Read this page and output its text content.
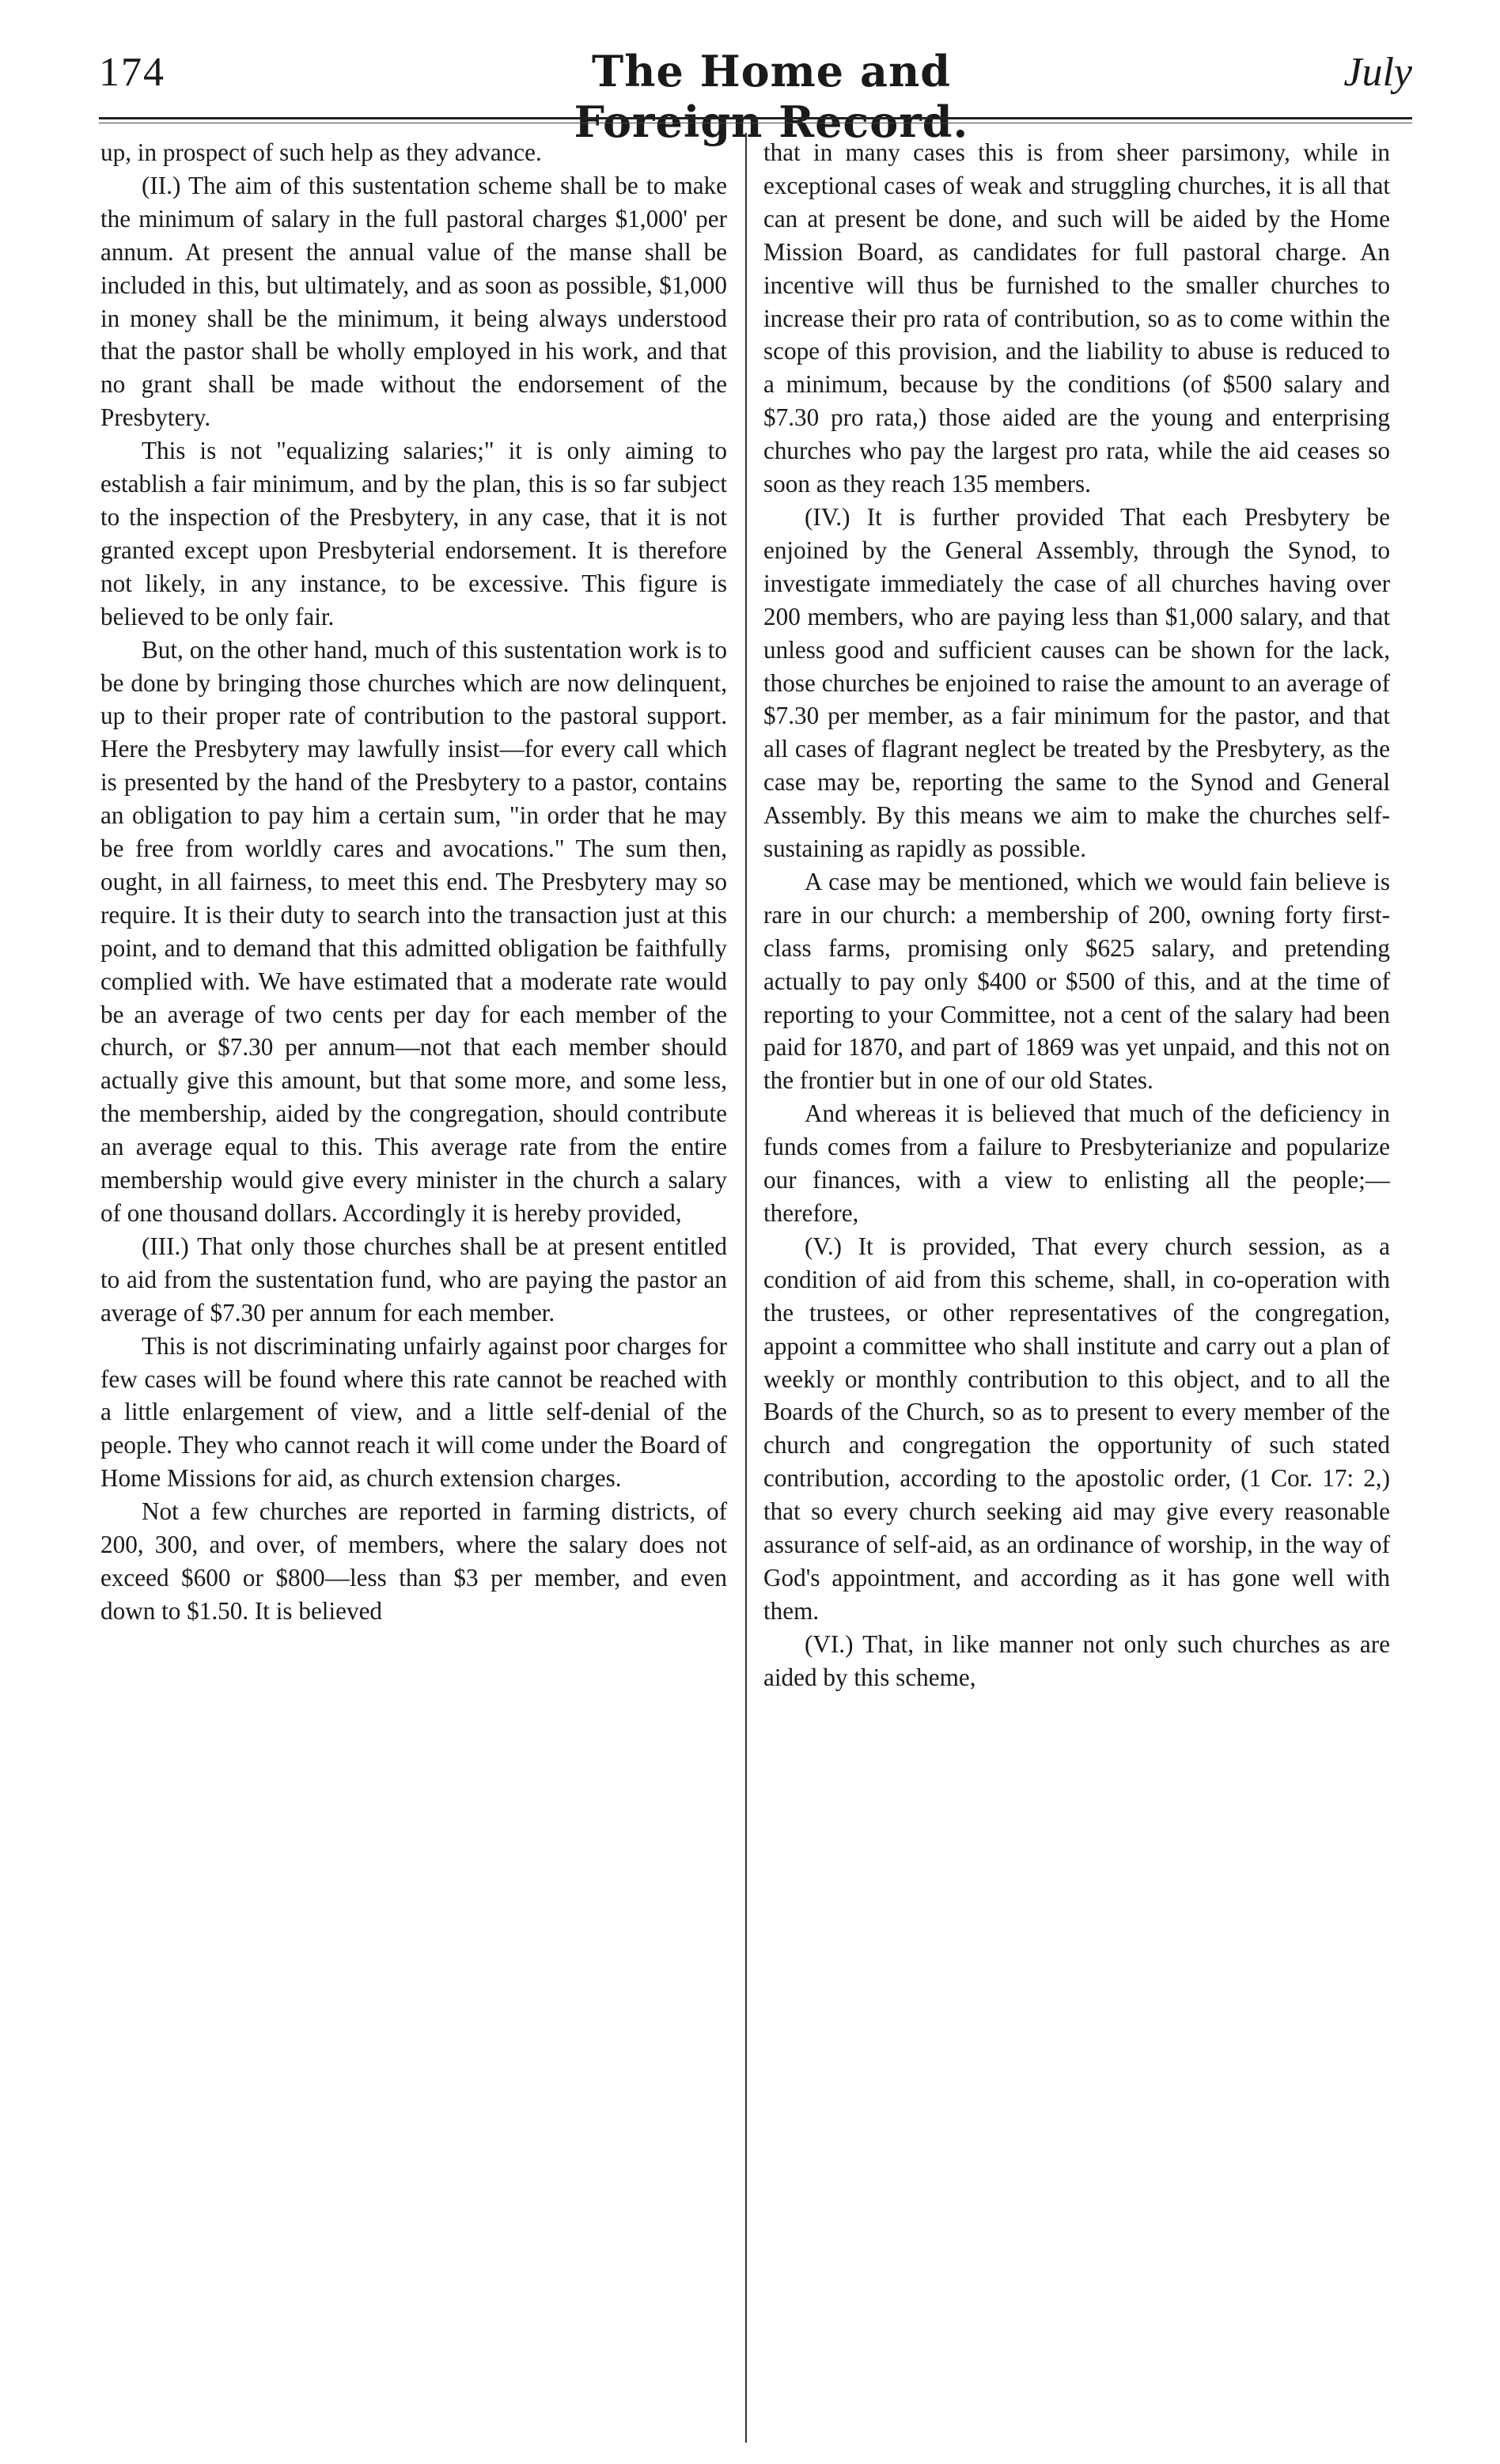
174	The Home and Foreign Record.
July

up, in prospect of such help as they advance.

(II.) The aim of this sustentation scheme shall be to make the minimum of salary in the full pastoral charges $1,000' per annum. At present the annual value of the manse shall be included in this, but ultimately, and as soon as possible, $1,000 in money shall be the minimum, it being always understood that the pastor shall be wholly employed in his work, and that no grant shall be made without the endorsement of the Presbytery.

This is not "equalizing salaries;" it is only aiming to establish a fair minimum, and by the plan, this is so far subject to the inspection of the Presbytery, in any case, that it is not granted except upon Presbyterial endorsement. It is therefore not likely, in any instance, to be excessive. This figure is believed to be only fair.

But, on the other hand, much of this sustentation work is to be done by bringing those churches which are now delinquent, up to their proper rate of contribution to the pastoral support. Here the Presbytery may lawfully insist—for every call which is presented by the hand of the Presbytery to a pastor, contains an obligation to pay him a certain sum, "in order that he may be free from worldly cares and avocations." The sum then, ought, in all fairness, to meet this end. The Presbytery may so require. It is their duty to search into the transaction just at this point, and to demand that this admitted obligation be faithfully complied with. We have estimated that a moderate rate would be an average of two cents per day for each member of the church, or $7.30 per annum—not that each member should actually give this amount, but that some more, and some less, the membership, aided by the congregation, should contribute an average equal to this. This average rate from the entire membership would give every minister in the church a salary of one thousand dollars. Accordingly it is hereby provided,

(III.) That only those churches shall be at present entitled to aid from the sustentation fund, who are paying the pastor an average of $7.30 per annum for each member.

This is not discriminating unfairly against poor charges for few cases will be found where this rate cannot be reached with a little enlargement of view, and a little self-denial of the people. They who cannot reach it will come under the Board of Home Missions for aid, as church extension charges.

Not a few churches are reported in farming districts, of 200, 300, and over, of members, where the salary does not exceed $600 or $800—less than $3 per member, and even down to $1.50. It is believed

that in many cases this is from sheer parsimony, while in exceptional cases of weak and struggling churches, it is all that can at present be done, and such will be aided by the Home Mission Board, as candidates for full pastoral charge. An incentive will thus be furnished to the smaller churches to increase their pro rata of contribution, so as to come within the scope of this provision, and the liability to abuse is reduced to a minimum, because by the conditions (of $500 salary and $7.30 pro rata,) those aided are the young and enterprising churches who pay the largest pro rata, while the aid ceases so soon as they reach 135 members.

(IV.) It is further provided That each Presbytery be enjoined by the General Assembly, through the Synod, to investigate immediately the case of all churches having over 200 members, who are paying less than $1,000 salary, and that unless good and sufficient causes can be shown for the lack, those churches be enjoined to raise the amount to an average of $7.30 per member, as a fair minimum for the pastor, and that all cases of flagrant neglect be treated by the Presbytery, as the case may be, reporting the same to the Synod and General Assembly. By this means we aim to make the churches self-sustaining as rapidly as possible.

A case may be mentioned, which we would fain believe is rare in our church: a membership of 200, owning forty first-class farms, promising only $625 salary, and pretending actually to pay only $400 or $500 of this, and at the time of reporting to your Committee, not a cent of the salary had been paid for 1870, and part of 1869 was yet unpaid, and this not on the frontier but in one of our old States.

And whereas it is believed that much of the deficiency in funds comes from a failure to Presbyterianize and popularize our finances, with a view to enlisting all the people;—therefore,

(V.) It is provided, That every church session, as a condition of aid from this scheme, shall, in co-operation with the trustees, or other representatives of the congregation, appoint a committee who shall institute and carry out a plan of weekly or monthly contribution to this object, and to all the Boards of the Church, so as to present to every member of the church and congregation the opportunity of such stated contribution, according to the apostolic order, (1 Cor. 17: 2,) that so every church seeking aid may give every reasonable assurance of self-aid, as an ordinance of worship, in the way of God's appointment, and according as it has gone well with them.

(VI.) That, in like manner not only such churches as are aided by this scheme,
